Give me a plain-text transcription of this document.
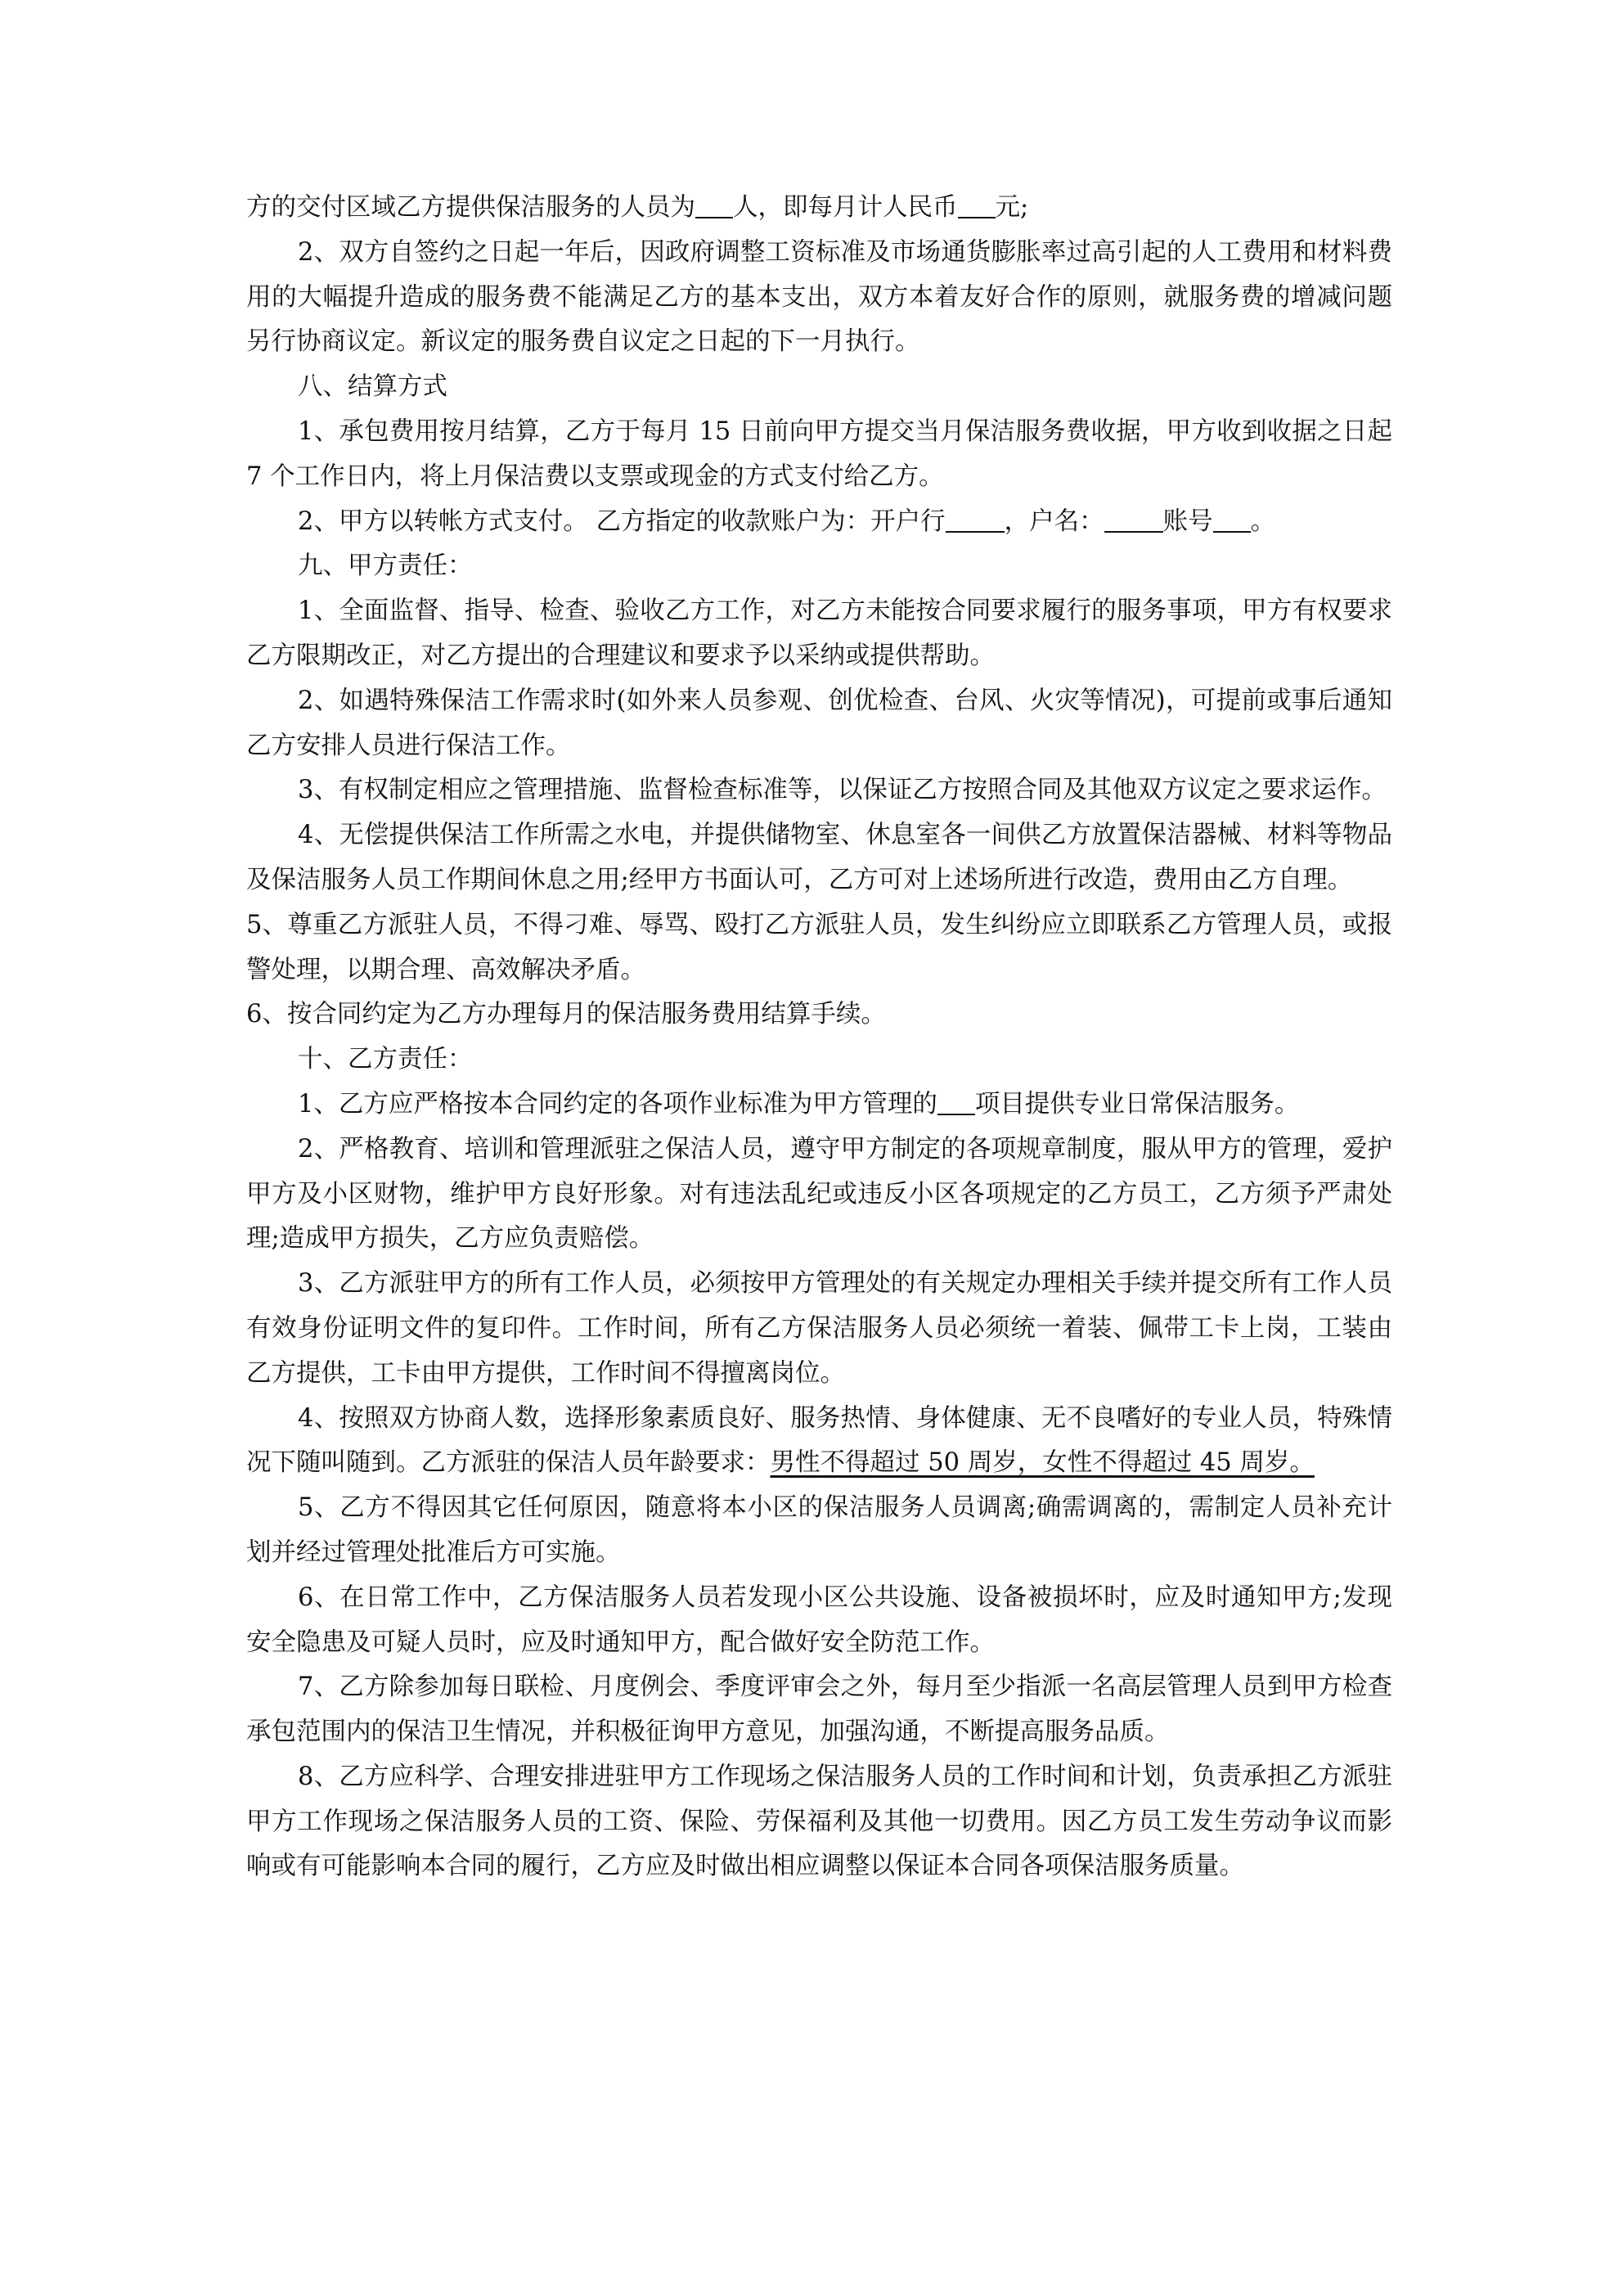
方的交付区域乙方提供保洁服务的人员为 人，即每月计人民币 元;

2、双方自签约之日起一年后，因政府调整工资标准及市场通货膨胀率过高引起的人工费用和材料费用的大幅提升造成的服务费不能满足乙方的基本支出，双方本着友好合作的原则，就服务费的增减问题另行协商议定。新议定的服务费自议定之日起的下一月执行。

八、结算方式

1、承包费用按月结算，乙方于每月 15 日前向甲方提交当月保洁服务费收据，甲方收到收据之日起 7 个工作日内，将上月保洁费以支票或现金的方式支付给乙方。

2、甲方以转帐方式支付。 乙方指定的收款账户为：开户行 ，户名： 账号 。

九、甲方责任：

1、全面监督、指导、检查、验收乙方工作，对乙方未能按合同要求履行的服务事项，甲方有权要求乙方限期改正，对乙方提出的合理建议和要求予以采纳或提供帮助。

2、如遇特殊保洁工作需求时(如外来人员参观、创优检查、台风、火灾等情况)，可提前或事后通知乙方安排人员进行保洁工作。

3、有权制定相应之管理措施、监督检查标准等，以保证乙方按照合同及其他双方议定之要求运作。

4、无偿提供保洁工作所需之水电，并提供储物室、休息室各一间供乙方放置保洁器械、材料等物品及保洁服务人员工作期间休息之用;经甲方书面认可，乙方可对上述场所进行改造，费用由乙方自理。

5、尊重乙方派驻人员，不得刁难、辱骂、殴打乙方派驻人员，发生纠纷应立即联系乙方管理人员，或报警处理，以期合理、高效解决矛盾。

6、按合同约定为乙方办理每月的保洁服务费用结算手续。

十、乙方责任：

1、乙方应严格按本合同约定的各项作业标准为甲方管理的 项目提供专业日常保洁服务。

2、严格教育、培训和管理派驻之保洁人员，遵守甲方制定的各项规章制度，服从甲方的管理，爱护甲方及小区财物，维护甲方良好形象。对有违法乱纪或违反小区各项规定的乙方员工，乙方须予严肃处理;造成甲方损失，乙方应负责赔偿。

3、乙方派驻甲方的所有工作人员，必须按甲方管理处的有关规定办理相关手续并提交所有工作人员有效身份证明文件的复印件。工作时间，所有乙方保洁服务人员必须统一着装、佩带工卡上岗，工装由乙方提供，工卡由甲方提供，工作时间不得擅离岗位。

4、按照双方协商人数，选择形象素质良好、服务热情、身体健康、无不良嗜好的专业人员，特殊情况下随叫随到。乙方派驻的保洁人员年龄要求：男性不得超过 50 周岁，女性不得超过 45 周岁。

5、乙方不得因其它任何原因，随意将本小区的保洁服务人员调离;确需调离的，需制定人员补充计划并经过管理处批准后方可实施。

6、在日常工作中，乙方保洁服务人员若发现小区公共设施、设备被损坏时，应及时通知甲方;发现安全隐患及可疑人员时，应及时通知甲方，配合做好安全防范工作。

7、乙方除参加每日联检、月度例会、季度评审会之外，每月至少指派一名高层管理人员到甲方检查承包范围内的保洁卫生情况，并积极征询甲方意见，加强沟通，不断提高服务品质。

8、乙方应科学、合理安排进驻甲方工作现场之保洁服务人员的工作时间和计划，负责承担乙方派驻甲方工作现场之保洁服务人员的工资、保险、劳保福利及其他一切费用。因乙方员工发生劳动争议而影响或有可能影响本合同的履行，乙方应及时做出相应调整以保证本合同各项保洁服务质量。
